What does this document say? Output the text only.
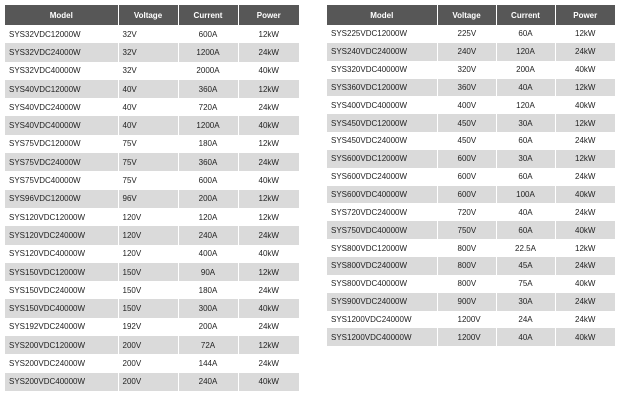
Model	Voltage	Current	Power
SYS32VDC12000W	32V	600A	12kW
SYS32VDC24000W	32V	1200A	24kW
SYS32VDC40000W	32V	2000A	40kW
SYS40VDC12000W	40V	360A	12kW
SYS40VDC24000W	40V	720A	24kW
SYS40VDC40000W	40V	1200A	40kW
SYS75VDC12000W	75V	180A	12kW
SYS75VDC24000W	75V	360A	24kW
SYS75VDC40000W	75V	600A	40kW
SYS96VDC12000W	96V	200A	12kW
SYS120VDC12000W	120V	120A	12kW
SYS120VDC24000W	120V	240A	24kW
SYS120VDC40000W	120V	400A	40kW
SYS150VDC12000W	150V	90A	12kW
SYS150VDC24000W	150V	180A	24kW
SYS150VDC40000W	150V	300A	40kW
SYS192VDC24000W	192V	200A	24kW
SYS200VDC12000W	200V	72A	12kW
SYS200VDC24000W	200V	144A	24kW
SYS200VDC40000W	200V	240A	40kW
Model	Voltage	Current	Power
SYS225VDC12000W	225V	60A	12kW
SYS240VDC24000W	240V	120A	24kW
SYS320VDC40000W	320V	200A	40kW
SYS360VDC12000W	360V	40A	12kW
SYS400VDC40000W	400V	120A	40kW
SYS450VDC12000W	450V	30A	12kW
SYS450VDC24000W	450V	60A	24kW
SYS600VDC12000W	600V	30A	12kW
SYS600VDC24000W	600V	60A	24kW
SYS600VDC40000W	600V	100A	40kW
SYS720VDC24000W	720V	40A	24kW
SYS750VDC40000W	750V	60A	40kW
SYS800VDC12000W	800V	22.5A	12kW
SYS800VDC24000W	800V	45A	24kW
SYS800VDC40000W	800V	75A	40kW
SYS900VDC24000W	900V	30A	24kW
SYS1200VDC24000W	1200V	24A	24kW
SYS1200VDC40000W	1200V	40A	40kW
